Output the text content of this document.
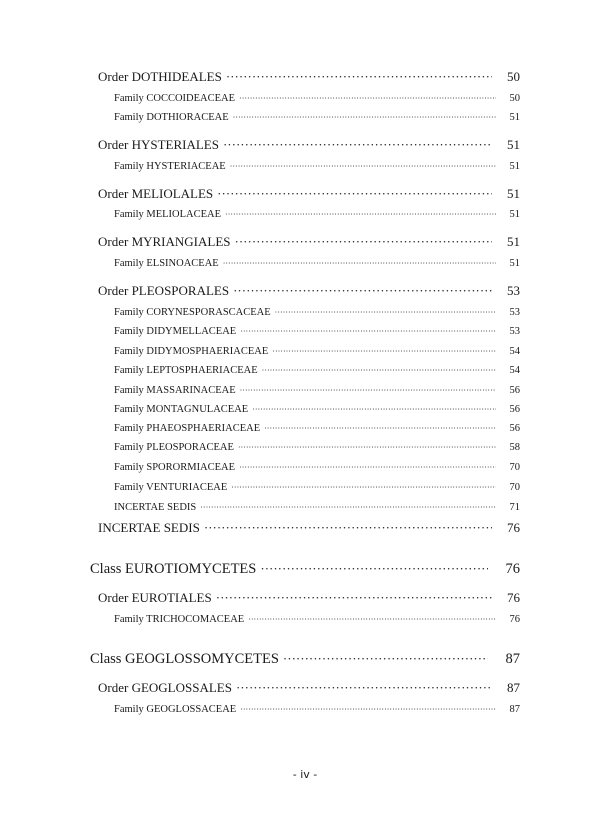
Order DOTHIDEALES ·····	50
Family COCCOIDEACEAE ·····	50
Family DOTHIORACEAE ·····	51
Order HYSTERIALES ·····	51
Family HYSTERIACEAE ·····	51
Order MELIOLALES ·····	51
Family MELIOLACEAE ·····	51
Order MYRIANGIALES ·····	51
Family ELSINOACEAE ·····	51
Order PLEOSPORALES ·····	53
Family CORYNESPORASCACEAE ·····	53
Family DIDYMELLACEAE ·····	53
Family DIDYMOSPHAERIACEAE ·····	54
Family LEPTOSPHAERIACEAE ·····	54
Family MASSARINACEAE ·····	56
Family MONTAGNULACEAE ·····	56
Family PHAEOSPHAERIACEAE ·····	56
Family PLEOSPORACEAE ·····	58
Family SPORORMIACEAE ·····	70
Family VENTURIACEAE ·····	70
INCERTAE SEDIS ·····	71
INCERTAE SEDIS ·····	76
Class EUROTIOMYCETES ·····	76
Order EUROTIALES ·····	76
Family TRICHOCOMACEAE ·····	76
Class GEOGLOSSOMYCETES ·····	87
Order GEOGLOSSALES ·····	87
Family GEOGLOSSACEAE ·····	87
- iv -
